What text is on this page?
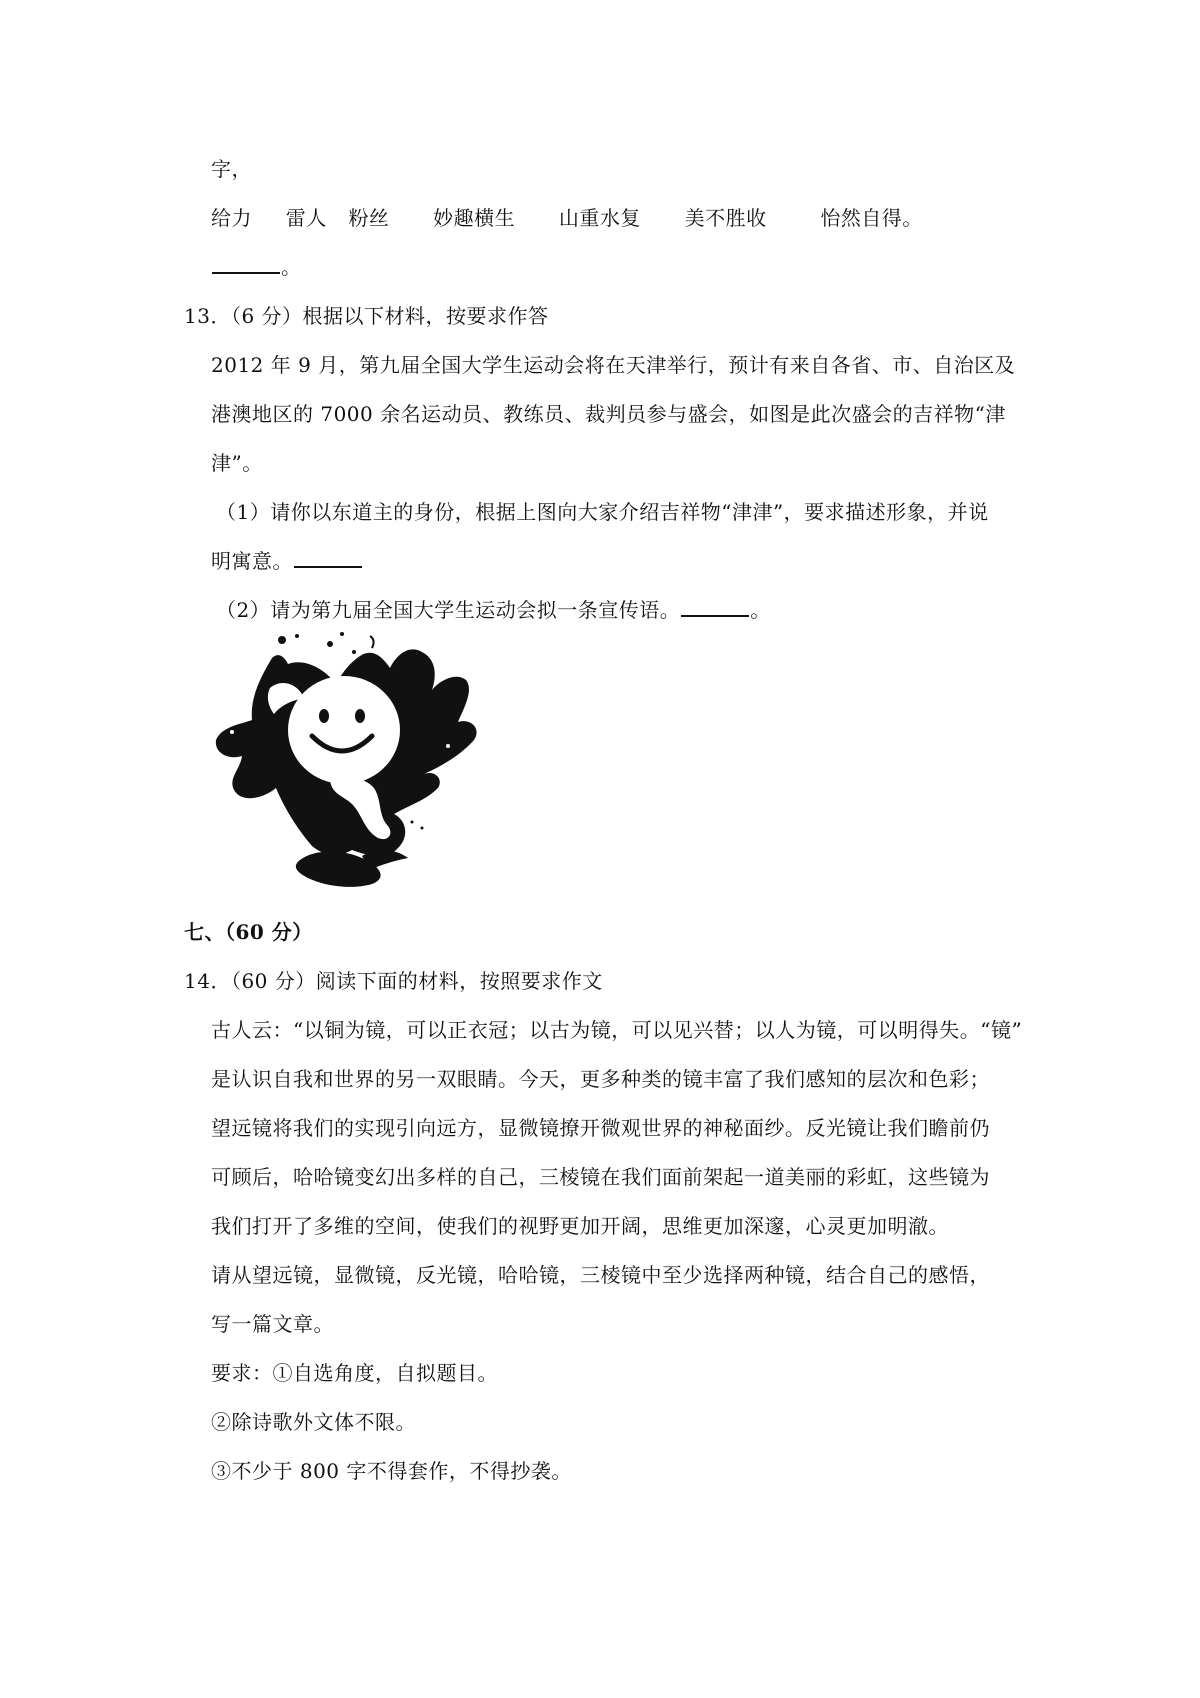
字，
给力 雷人 粉丝 妙趣横生 山重水复 美不胜收	怡然自得。
。
13．（6 分）根据以下材料，按要求作答
2012 年 9 月，第九届全国大学生运动会将在天津举行，预计有来自各省、市、自治区及
港澳地区的 7000 余名运动员、教练员、裁判员参与盛会，如图是此次盛会的吉祥物“津
津”。
（1）请你以东道主的身份，根据上图向大家介绍吉祥物“津津”，要求描述形象，并说
明寓意。
（2）请为第九届全国大学生运动会拟一条宣传语。	。
七、（60 分）
14．（60 分）阅读下面的材料，按照要求作文
古人云：“以铜为镜，可以正衣冠；以古为镜，可以见兴替；以人为镜，可以明得失。“镜”
是认识自我和世界的另一双眼睛。今天，更多种类的镜丰富了我们感知的层次和色彩；
望远镜将我们的实现引向远方，显微镜撩开微观世界的神秘面纱。反光镜让我们瞻前仍
可顾后，哈哈镜变幻出多样的自己，三棱镜在我们面前架起一道美丽的彩虹，这些镜为
我们打开了多维的空间，使我们的视野更加开阔，思维更加深邃，心灵更加明澈。
请从望远镜，显微镜，反光镜，哈哈镜，三棱镜中至少选择两种镜，结合自己的感悟，
写一篇文章。
要求：①自选角度，自拟题目。
②除诗歌外文体不限。
③不少于 800 字不得套作，不得抄袭。
